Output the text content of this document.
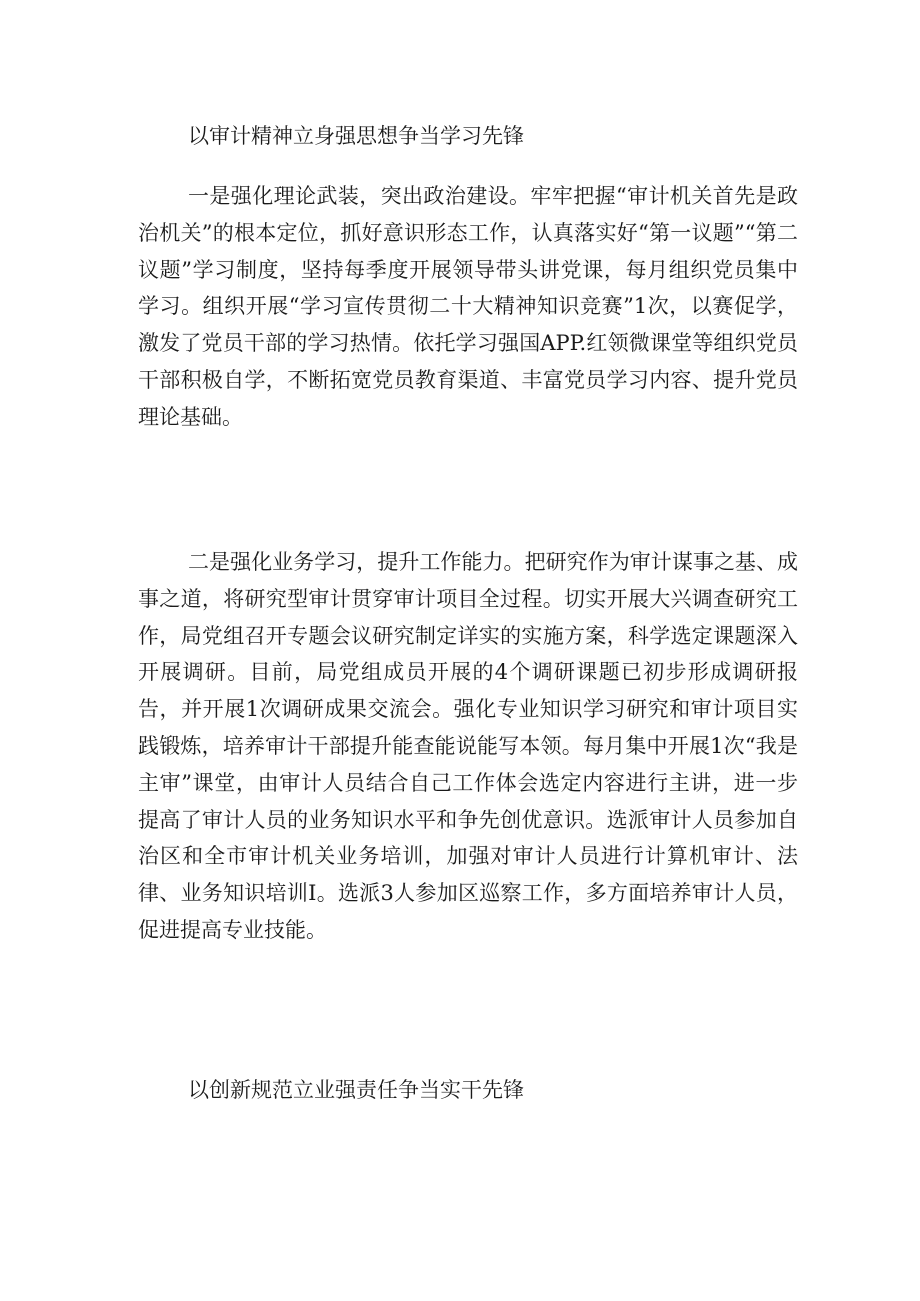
以审计精神立身强思想争当学习先锋

一是强化理论武装，突出政治建设。牢牢把握“审计机关首先是政治机关”的根本定位，抓好意识形态工作，认真落实好“第一议题”“第二议题”学习制度，坚持每季度开展领导带头讲党课，每月组织党员集中学习。组织开展“学习宣传贯彻二十大精神知识竞赛”1次，以赛促学，激发了党员干部的学习热情。依托学习强国APP.红领微课堂等组织党员干部积极自学，不断拓宽党员教育渠道、丰富党员学习内容、提升党员理论基础。

二是强化业务学习，提升工作能力。把研究作为审计谋事之基、成事之道，将研究型审计贯穿审计项目全过程。切实开展大兴调查研究工作，局党组召开专题会议研究制定详实的实施方案，科学选定课题深入开展调研。目前，局党组成员开展的4个调研课题已初步形成调研报告，并开展1次调研成果交流会。强化专业知识学习研究和审计项目实践锻炼，培养审计干部提升能查能说能写本领。每月集中开展1次“我是主审”课堂，由审计人员结合自己工作体会选定内容进行主讲，进一步提高了审计人员的业务知识水平和争先创优意识。选派审计人员参加自治区和全市审计机关业务培训，加强对审计人员进行计算机审计、法律、业务知识培训I。选派3人参加区巡察工作，多方面培养审计人员，促进提高专业技能。

以创新规范立业强责任争当实干先锋
